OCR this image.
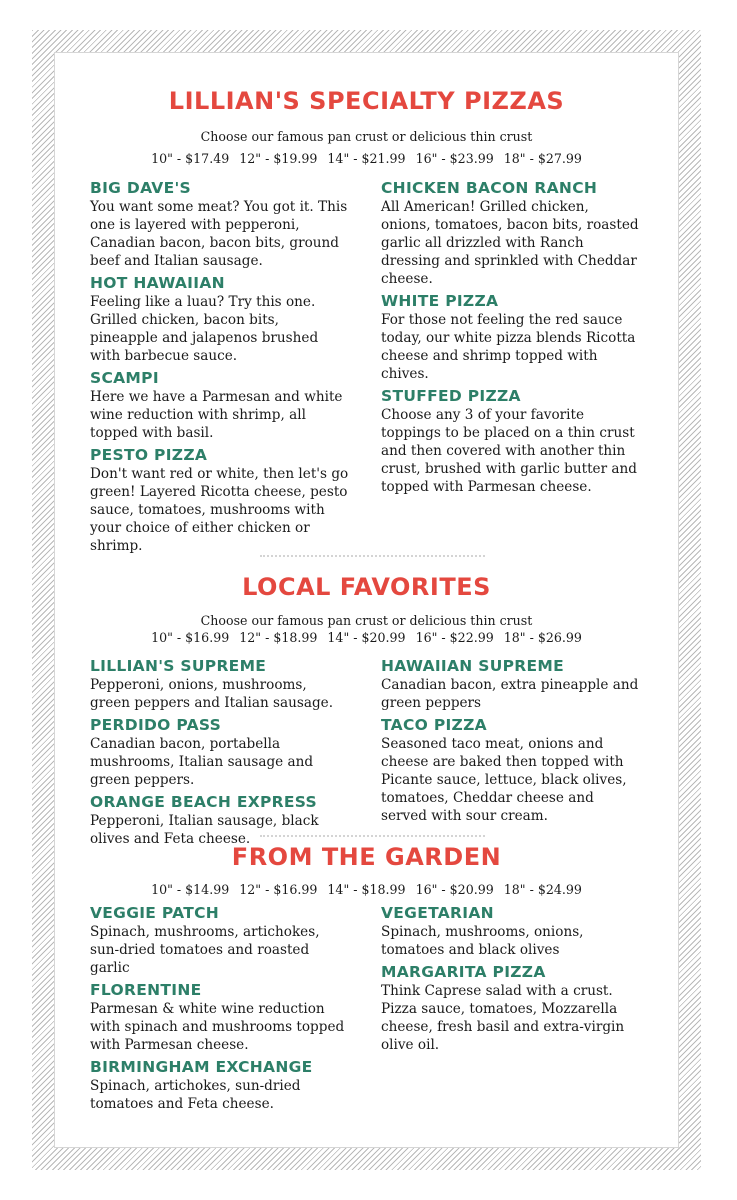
LILLIAN'S SPECIALTY PIZZAS
Choose our famous pan crust or delicious thin crust
10" - $17.49 12" - $19.99 14" - $21.99 16" - $23.99 18" - $27.99
BIG DAVE'S

You want some meat? You got it. This one is layered with pepperoni, Canadian bacon, bacon bits, ground beef and Italian sausage.

HOT HAWAIIAN

Feeling like a luau? Try this one. Grilled chicken, bacon bits, pineapple and jalapenos brushed with barbecue sauce.

SCAMPI

Here we have a Parmesan and white wine reduction with shrimp, all topped with basil.

PESTO PIZZA

Don't want red or white, then let's go green! Layered Ricotta cheese, pesto sauce, tomatoes, mushrooms with your choice of either chicken or shrimp.

CHICKEN BACON RANCH

All American! Grilled chicken, onions, tomatoes, bacon bits, roasted garlic all drizzled with Ranch dressing and sprinkled with Cheddar cheese.

WHITE PIZZA

For those not feeling the red sauce today, our white pizza blends Ricotta cheese and shrimp topped with chives.

STUFFED PIZZA

Choose any 3 of your favorite toppings to be placed on a thin crust and then covered with another thin crust, brushed with garlic butter and topped with Parmesan cheese.

LOCAL FAVORITES
Choose our famous pan crust or delicious thin crust
10" - $16.99 12" - $18.99 14" - $20.99 16" - $22.99 18" - $26.99
LILLIAN'S SUPREME

Pepperoni, onions, mushrooms, green peppers and Italian sausage.

PERDIDO PASS

Canadian bacon, portabella mushrooms, Italian sausage and green peppers.

ORANGE BEACH EXPRESS

Pepperoni, Italian sausage, black olives and Feta cheese.

HAWAIIAN SUPREME

Canadian bacon, extra pineapple and green peppers

TACO PIZZA

Seasoned taco meat, onions and cheese are baked then topped with Picante sauce, lettuce, black olives, tomatoes, Cheddar cheese and served with sour cream.

FROM THE GARDEN
10" - $14.99 12" - $16.99 14" - $18.99 16" - $20.99 18" - $24.99
VEGGIE PATCH

Spinach, mushrooms, artichokes, sun-dried tomatoes and roasted garlic

FLORENTINE

Parmesan & white wine reduction with spinach and mushrooms topped with Parmesan cheese.

BIRMINGHAM EXCHANGE

Spinach, artichokes, sun-dried tomatoes and Feta cheese.

VEGETARIAN

Spinach, mushrooms, onions, tomatoes and black olives

MARGARITA PIZZA

Think Caprese salad with a crust. Pizza sauce, tomatoes, Mozzarella cheese, fresh basil and extra-virgin olive oil.
